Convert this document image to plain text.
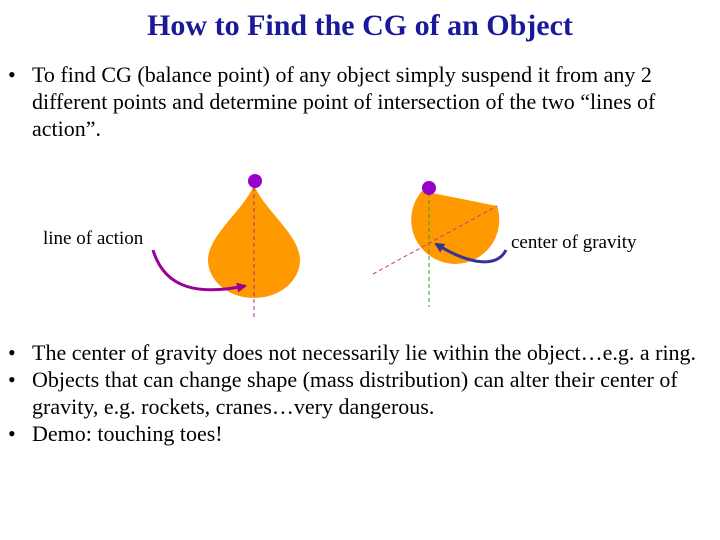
How to Find the CG of an Object
• To find CG (balance point) of any object simply suspend it from any 2 different points and determine point of intersection of the two “lines of action”.
line of action	center of gravity
• The center of gravity does not necessarily lie within the object…e.g. a ring.
• Objects that can change shape (mass distribution) can alter their center of gravity, e.g. rockets, cranes…very dangerous.
• Demo: touching toes!
